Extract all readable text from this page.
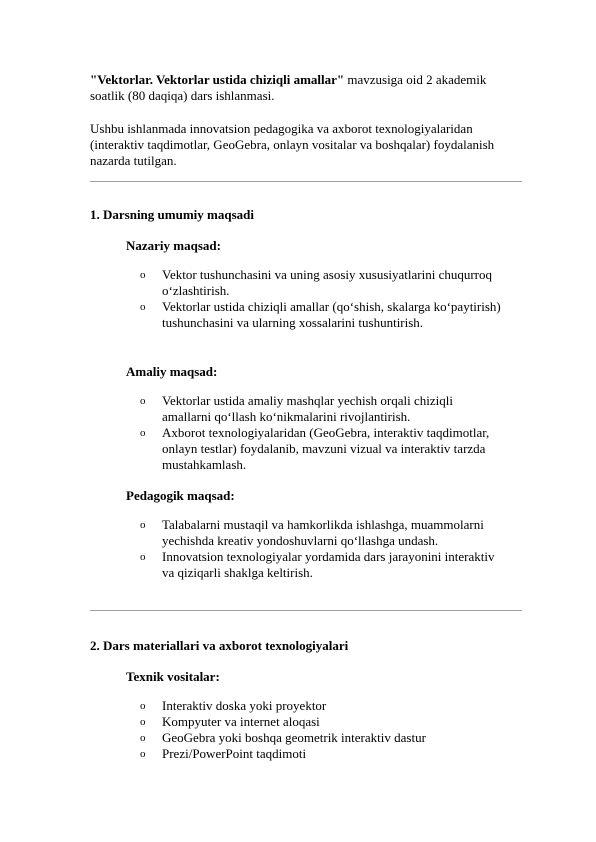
"Vektorlar. Vektorlar ustida chiziqli amallar" mavzusiga oid 2 akademik soatlik (80 daqiqa) dars ishlanmasi.

Ushbu ishlanmada innovatsion pedagogika va axborot texnologiyalaridan (interaktiv taqdimotlar, GeoGebra, onlayn vositalar va boshqalar) foydalanish nazarda tutilgan.

1. Darsning umumiy maqsadi

Nazariy maqsad:

o Vektor tushunchasini va uning asosiy xususiyatlarini chuqurroq o‘zlashtirish.
o Vektorlar ustida chiziqli amallar (qo‘shish, skalarga ko‘paytirish) tushunchasini va ularning xossalarini tushuntirish.

Amaliy maqsad:

o Vektorlar ustida amaliy mashqlar yechish orqali chiziqli amallarni qo‘llash ko‘nikmalarini rivojlantirish.
o Axborot texnologiyalaridan (GeoGebra, interaktiv taqdimotlar, onlayn testlar) foydalanib, mavzuni vizual va interaktiv tarzda mustahkamlash.

Pedagogik maqsad:

o Talabalarni mustaqil va hamkorlikda ishlashga, muammolarni yechishda kreativ yondoshuvlarni qo‘llashga undash.
o Innovatsion texnologiyalar yordamida dars jarayonini interaktiv va qiziqarli shaklga keltirish.

2. Dars materiallari va axborot texnologiyalari

Texnik vositalar:

o Interaktiv doska yoki proyektor
o Kompyuter va internet aloqasi
o GeoGebra yoki boshqa geometrik interaktiv dastur
o Prezi/PowerPoint taqdimoti
